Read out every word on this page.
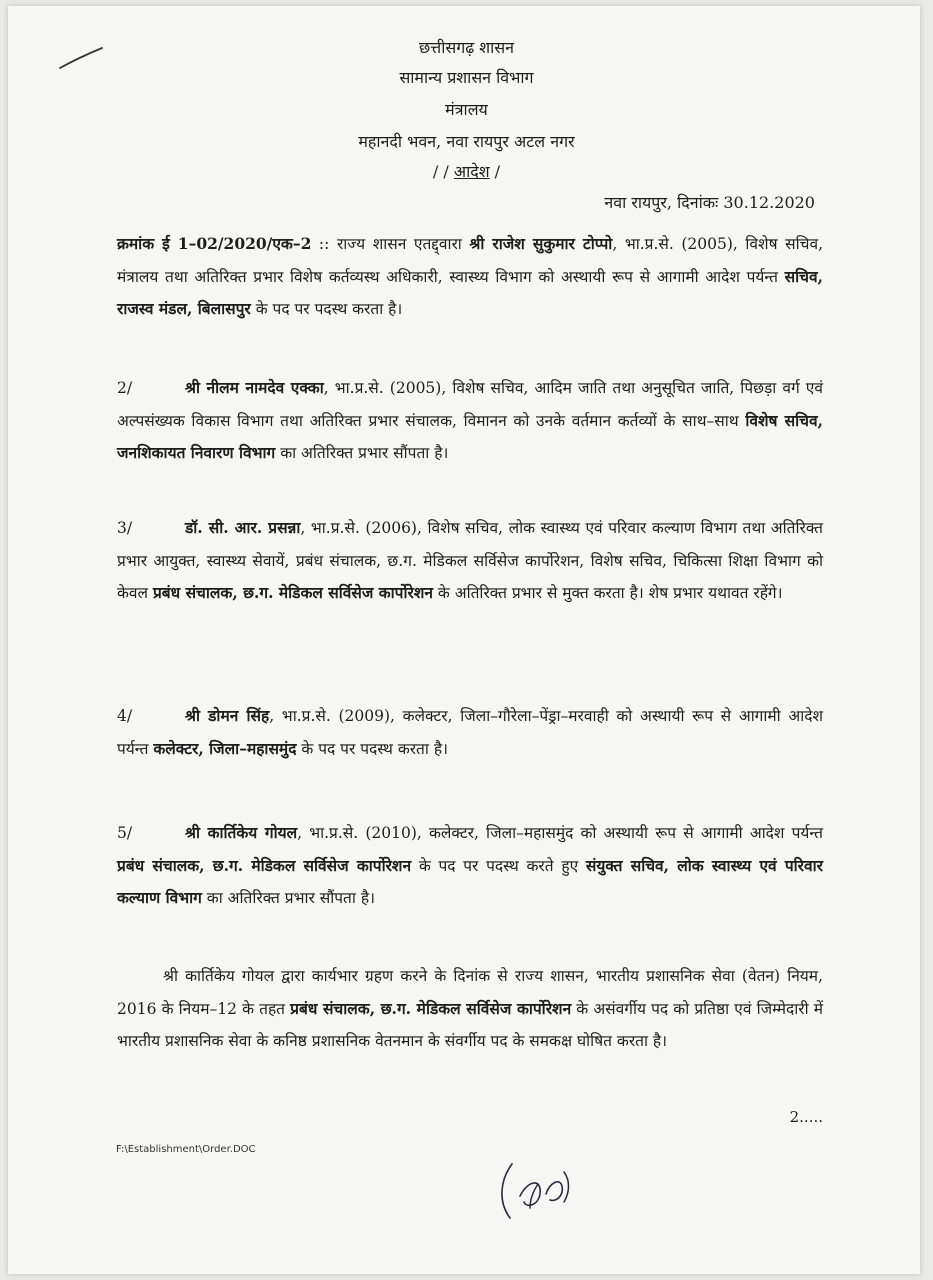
छत्तीसगढ़ शासन
सामान्य प्रशासन विभाग
मंत्रालय
महानदी भवन, नवा रायपुर अटल नगर
/ / आदेश /
नवा रायपुर, दिनांकः 30.12.2020
क्रमांक ई 1–02/2020/एक–2 :: राज्य शासन एतद्द्वारा श्री राजेश सुकुमार टोप्पो, भा.प्र.से. (2005), विशेष सचिव, मंत्रालय तथा अतिरिक्त प्रभार विशेष कर्तव्यस्थ अधिकारी, स्वास्थ्य विभाग को अस्थायी रूप से आगामी आदेश पर्यन्त सचिव, राजस्व मंडल, बिलासपुर के पद पर पदस्थ करता है।
2/	श्री नीलम नामदेव एक्का, भा.प्र.से. (2005), विशेष सचिव, आदिम जाति तथा अनुसूचित जाति, पिछड़ा वर्ग एवं अल्पसंख्यक विकास विभाग तथा अतिरिक्त प्रभार संचालक, विमानन को उनके वर्तमान कर्तव्यों के साथ–साथ विशेष सचिव, जनशिकायत निवारण विभाग का अतिरिक्त प्रभार सौंपता है।
3/	डॉ. सी. आर. प्रसन्ना, भा.प्र.से. (2006), विशेष सचिव, लोक स्वास्थ्य एवं परिवार कल्याण विभाग तथा अतिरिक्त प्रभार आयुक्त, स्वास्थ्य सेवायें, प्रबंध संचालक, छ.ग. मेडिकल सर्विसेज कार्पोरेशन, विशेष सचिव, चिकित्सा शिक्षा विभाग को केवल प्रबंध संचालक, छ.ग. मेडिकल सर्विसेज कार्पोरेशन के अतिरिक्त प्रभार से मुक्त करता है। शेष प्रभार यथावत रहेंगे।
4/	श्री डोमन सिंह, भा.प्र.से. (2009), कलेक्टर, जिला–गौरेला–पेंड्रा–मरवाही को अस्थायी रूप से आगामी आदेश पर्यन्त कलेक्टर, जिला–महासमुंद के पद पर पदस्थ करता है।
5/	श्री कार्तिकेय गोयल, भा.प्र.से. (2010), कलेक्टर, जिला–महासमुंद को अस्थायी रूप से आगामी आदेश पर्यन्त प्रबंध संचालक, छ.ग. मेडिकल सर्विसेज कार्पोरेशन के पद पर पदस्थ करते हुए संयुक्त सचिव, लोक स्वास्थ्य एवं परिवार कल्याण विभाग का अतिरिक्त प्रभार सौंपता है।
श्री कार्तिकेय गोयल द्वारा कार्यभार ग्रहण करने के दिनांक से राज्य शासन, भारतीय प्रशासनिक सेवा (वेतन) नियम, 2016 के नियम–12 के तहत प्रबंध संचालक, छ.ग. मेडिकल सर्विसेज कार्पोरेशन के असंवर्गीय पद को प्रतिष्ठा एवं जिम्मेदारी में भारतीय प्रशासनिक सेवा के कनिष्ठ प्रशासनिक वेतनमान के संवर्गीय पद के समकक्ष घोषित करता है।
2.....
F:\Establishment\Order.DOC
